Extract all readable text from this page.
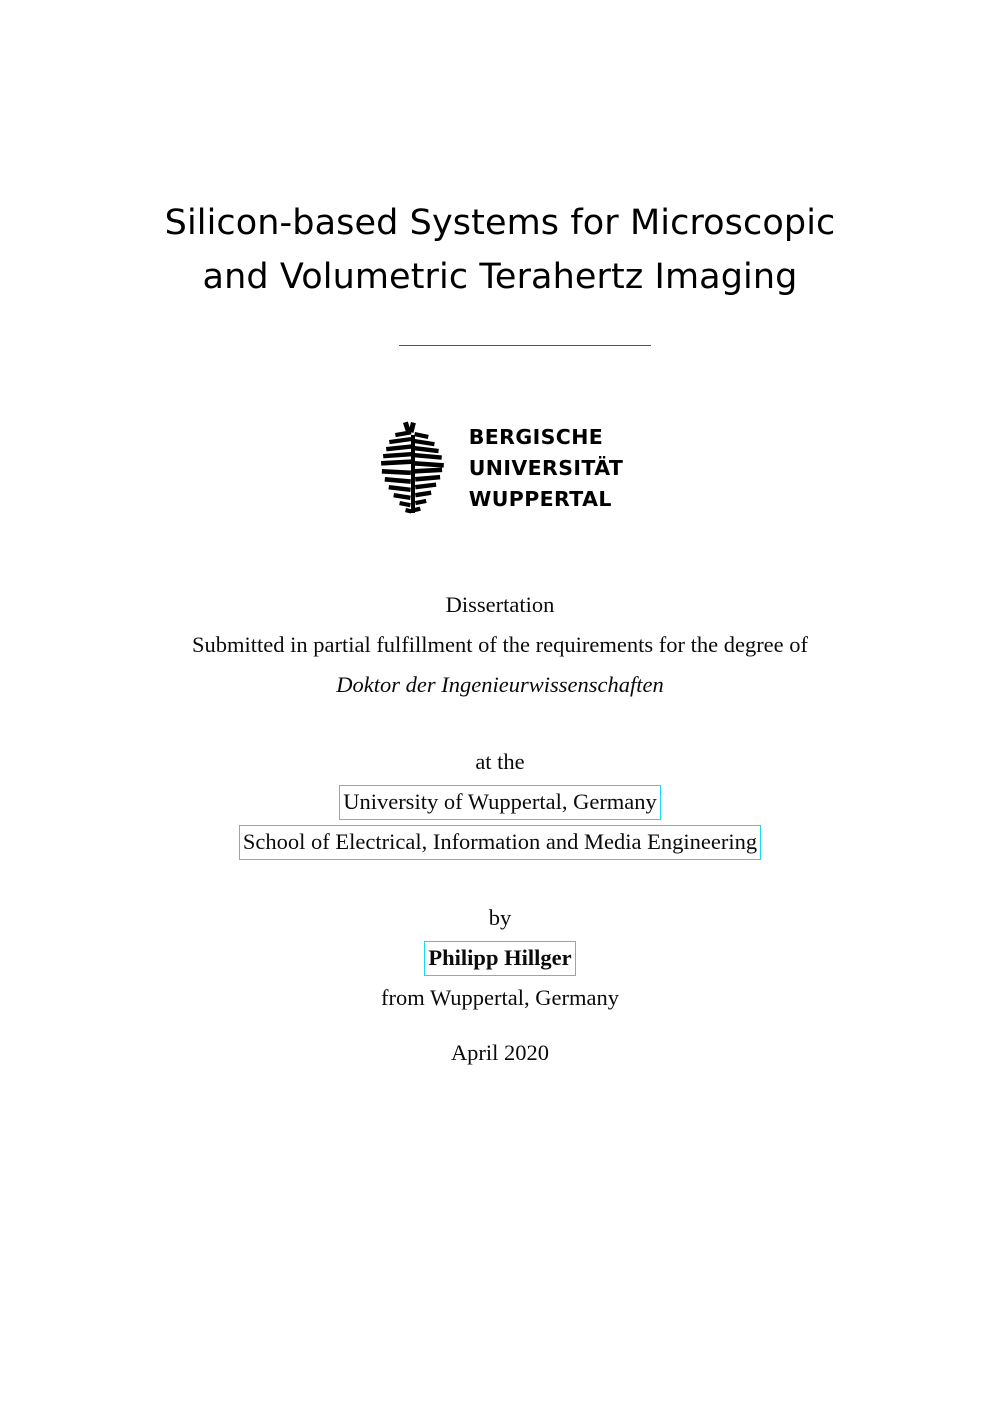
Silicon-based Systems for Microscopic
and Volumetric Terahertz Imaging
BERGISCHE
UNIVERSITÄT
WUPPERTAL
Dissertation
Submitted in partial fulfillment of the requirements for the degree of
Doktor der Ingenieurwissenschaften
at the
University of Wuppertal, Germany
School of Electrical, Information and Media Engineering
by
Philipp Hillger
from Wuppertal, Germany
April 2020
